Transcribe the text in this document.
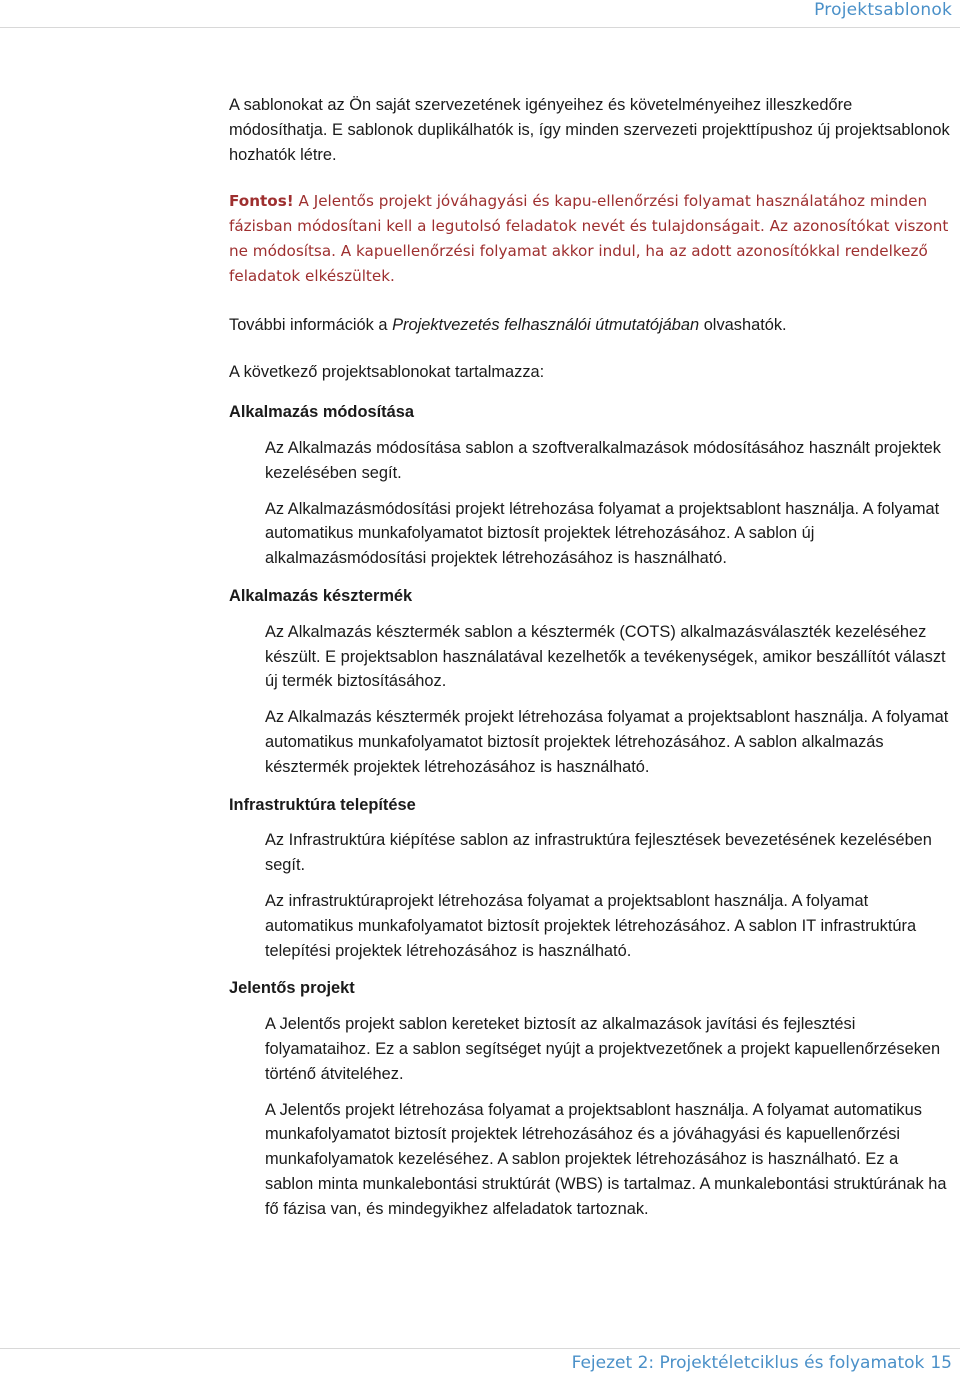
Projektsablonok

A sablonokat az Ön saját szervezetének igényeihez és követelményeihez illeszkedőre módosíthatja. E sablonok duplikálhatók is, így minden szervezeti projekttípushoz új projektsablonok hozhatók létre.

Fontos! A Jelentős projekt jóváhagyási és kapu-ellenőrzési folyamat használatához minden fázisban módosítani kell a legutolsó feladatok nevét és tulajdonságait. Az azonosítókat viszont ne módosítsa. A kapuellenőrzési folyamat akkor indul, ha az adott azonosítókkal rendelkező feladatok elkészültek.

További információk a Projektvezetés felhasználói útmutatójában olvashatók.

A következő projektsablonokat tartalmazza:

Alkalmazás módosítása

Az Alkalmazás módosítása sablon a szoftveralkalmazások módosításához használt projektek kezelésében segít.

Az Alkalmazásmódosítási projekt létrehozása folyamat a projektsablont használja. A folyamat automatikus munkafolyamatot biztosít projektek létrehozásához. A sablon új alkalmazásmódosítási projektek létrehozásához is használható.

Alkalmazás késztermék

Az Alkalmazás késztermék sablon a késztermék (COTS) alkalmazásválaszték kezeléséhez készült. E projektsablon használatával kezelhetők a tevékenységek, amikor beszállítót választ új termék biztosításához.

Az Alkalmazás késztermék projekt létrehozása folyamat a projektsablont használja. A folyamat automatikus munkafolyamatot biztosít projektek létrehozásához. A sablon alkalmazás késztermék projektek létrehozásához is használható.

Infrastruktúra telepítése

Az Infrastruktúra kiépítése sablon az infrastruktúra fejlesztések bevezetésének kezelésében segít.

Az infrastruktúraprojekt létrehozása folyamat a projektsablont használja. A folyamat automatikus munkafolyamatot biztosít projektek létrehozásához. A sablon IT infrastruktúra telepítési projektek létrehozásához is használható.

Jelentős projekt

A Jelentős projekt sablon kereteket biztosít az alkalmazások javítási és fejlesztési folyamataihoz. Ez a sablon segítséget nyújt a projektvezetőnek a projekt kapuellenőrzéseken történő átviteléhez.

A Jelentős projekt létrehozása folyamat a projektsablont használja. A folyamat automatikus munkafolyamatot biztosít projektek létrehozásához és a jóváhagyási és kapuellenőrzési munkafolyamatok kezeléséhez. A sablon projektek létrehozásához is használható. Ez a sablon minta munkalebontási struktúrát (WBS) is tartalmaz. A munkalebontási struktúrának ha fő fázisa van, és mindegyikhez alfeladatok tartoznak.

Fejezet 2: Projektéletciklus és folyamatok 15
